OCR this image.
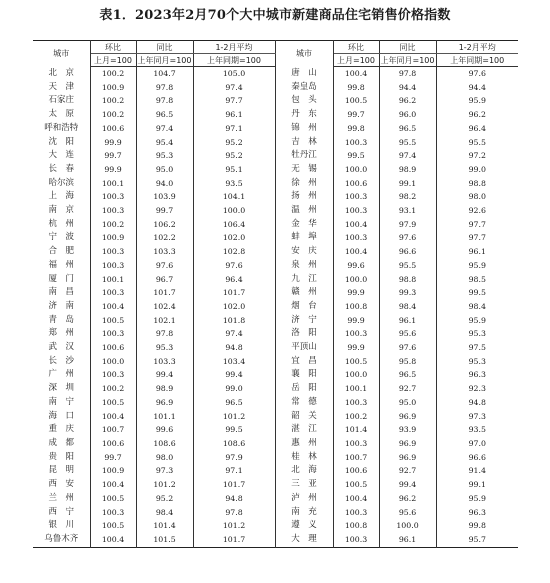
表1．2023年2月70个大中城市新建商品住宅销售价格指数
城市	环比	同比	1-2月平均	城市	环比	同比	1-2月平均
	上月=100	上年同月=100	上年同期=100		上月=100	上年同月=100	上年同期=100
北　京	100.2	104.7	105.0	唐　山	100.4	97.8	97.6
天　津	100.9	97.8	97.4	秦皇岛	99.8	94.4	94.4
石家庄	100.2	97.8	97.7	包　头	100.5	96.2	95.9
太　原	100.2	96.5	96.1	丹　东	99.7	96.0	96.2
呼和浩特	100.6	97.4	97.1	锦　州	99.8	96.5	96.4
沈　阳	99.9	95.4	95.2	吉　林	100.3	95.5	95.5
大　连	99.7	95.3	95.2	牡丹江	99.5	97.4	97.2
长　春	99.9	95.0	95.1	无　锡	100.0	98.9	99.0
哈尔滨	100.1	94.0	93.5	徐　州	100.6	99.1	98.8
上　海	100.3	103.9	104.1	扬　州	100.3	98.2	98.0
南　京	100.3	99.7	100.0	温　州	100.3	93.1	92.6
杭　州	100.2	106.2	106.4	金　华	100.4	97.9	97.7
宁　波	100.9	102.2	102.0	蚌　埠	100.3	97.6	97.7
合　肥	100.3	103.3	102.8	安　庆	100.4	96.6	96.1
福　州	100.3	97.6	97.6	泉　州	99.6	95.5	95.9
厦　门	100.1	96.7	96.4	九　江	100.0	98.8	98.5
南　昌	100.3	101.7	101.7	赣　州	99.9	99.3	99.5
济　南	100.4	102.4	102.0	烟　台	100.8	98.4	98.4
青　岛	100.5	102.1	101.8	济　宁	99.9	96.1	95.9
郑　州	100.3	97.8	97.4	洛　阳	100.3	95.6	95.3
武　汉	100.6	95.3	94.8	平顶山	99.9	97.6	97.5
长　沙	100.0	103.3	103.4	宜　昌	100.5	95.8	95.3
广　州	100.3	99.4	99.4	襄　阳	100.0	96.5	96.3
深　圳	100.2	98.9	99.0	岳　阳	100.1	92.7	92.3
南　宁	100.5	96.9	96.5	常　德	100.3	95.0	94.8
海　口	100.4	101.1	101.2	韶　关	100.2	96.9	97.3
重　庆	100.7	99.6	99.5	湛　江	101.4	93.9	93.5
成　都	100.6	108.6	108.6	惠　州	100.3	96.9	97.0
贵　阳	99.7	98.0	97.9	桂　林	100.7	96.9	96.6
昆　明	100.9	97.3	97.1	北　海	100.6	92.7	91.4
西　安	100.4	101.2	101.7	三　亚	100.5	99.4	99.1
兰　州	100.5	95.2	94.8	泸　州	100.4	96.2	95.9
西　宁	100.3	98.4	97.8	南　充	100.3	95.6	96.3
银　川	100.5	101.4	101.2	遵　义	100.8	100.0	99.8
乌鲁木齐	100.4	101.5	101.7	大　理	100.3	96.1	95.7
